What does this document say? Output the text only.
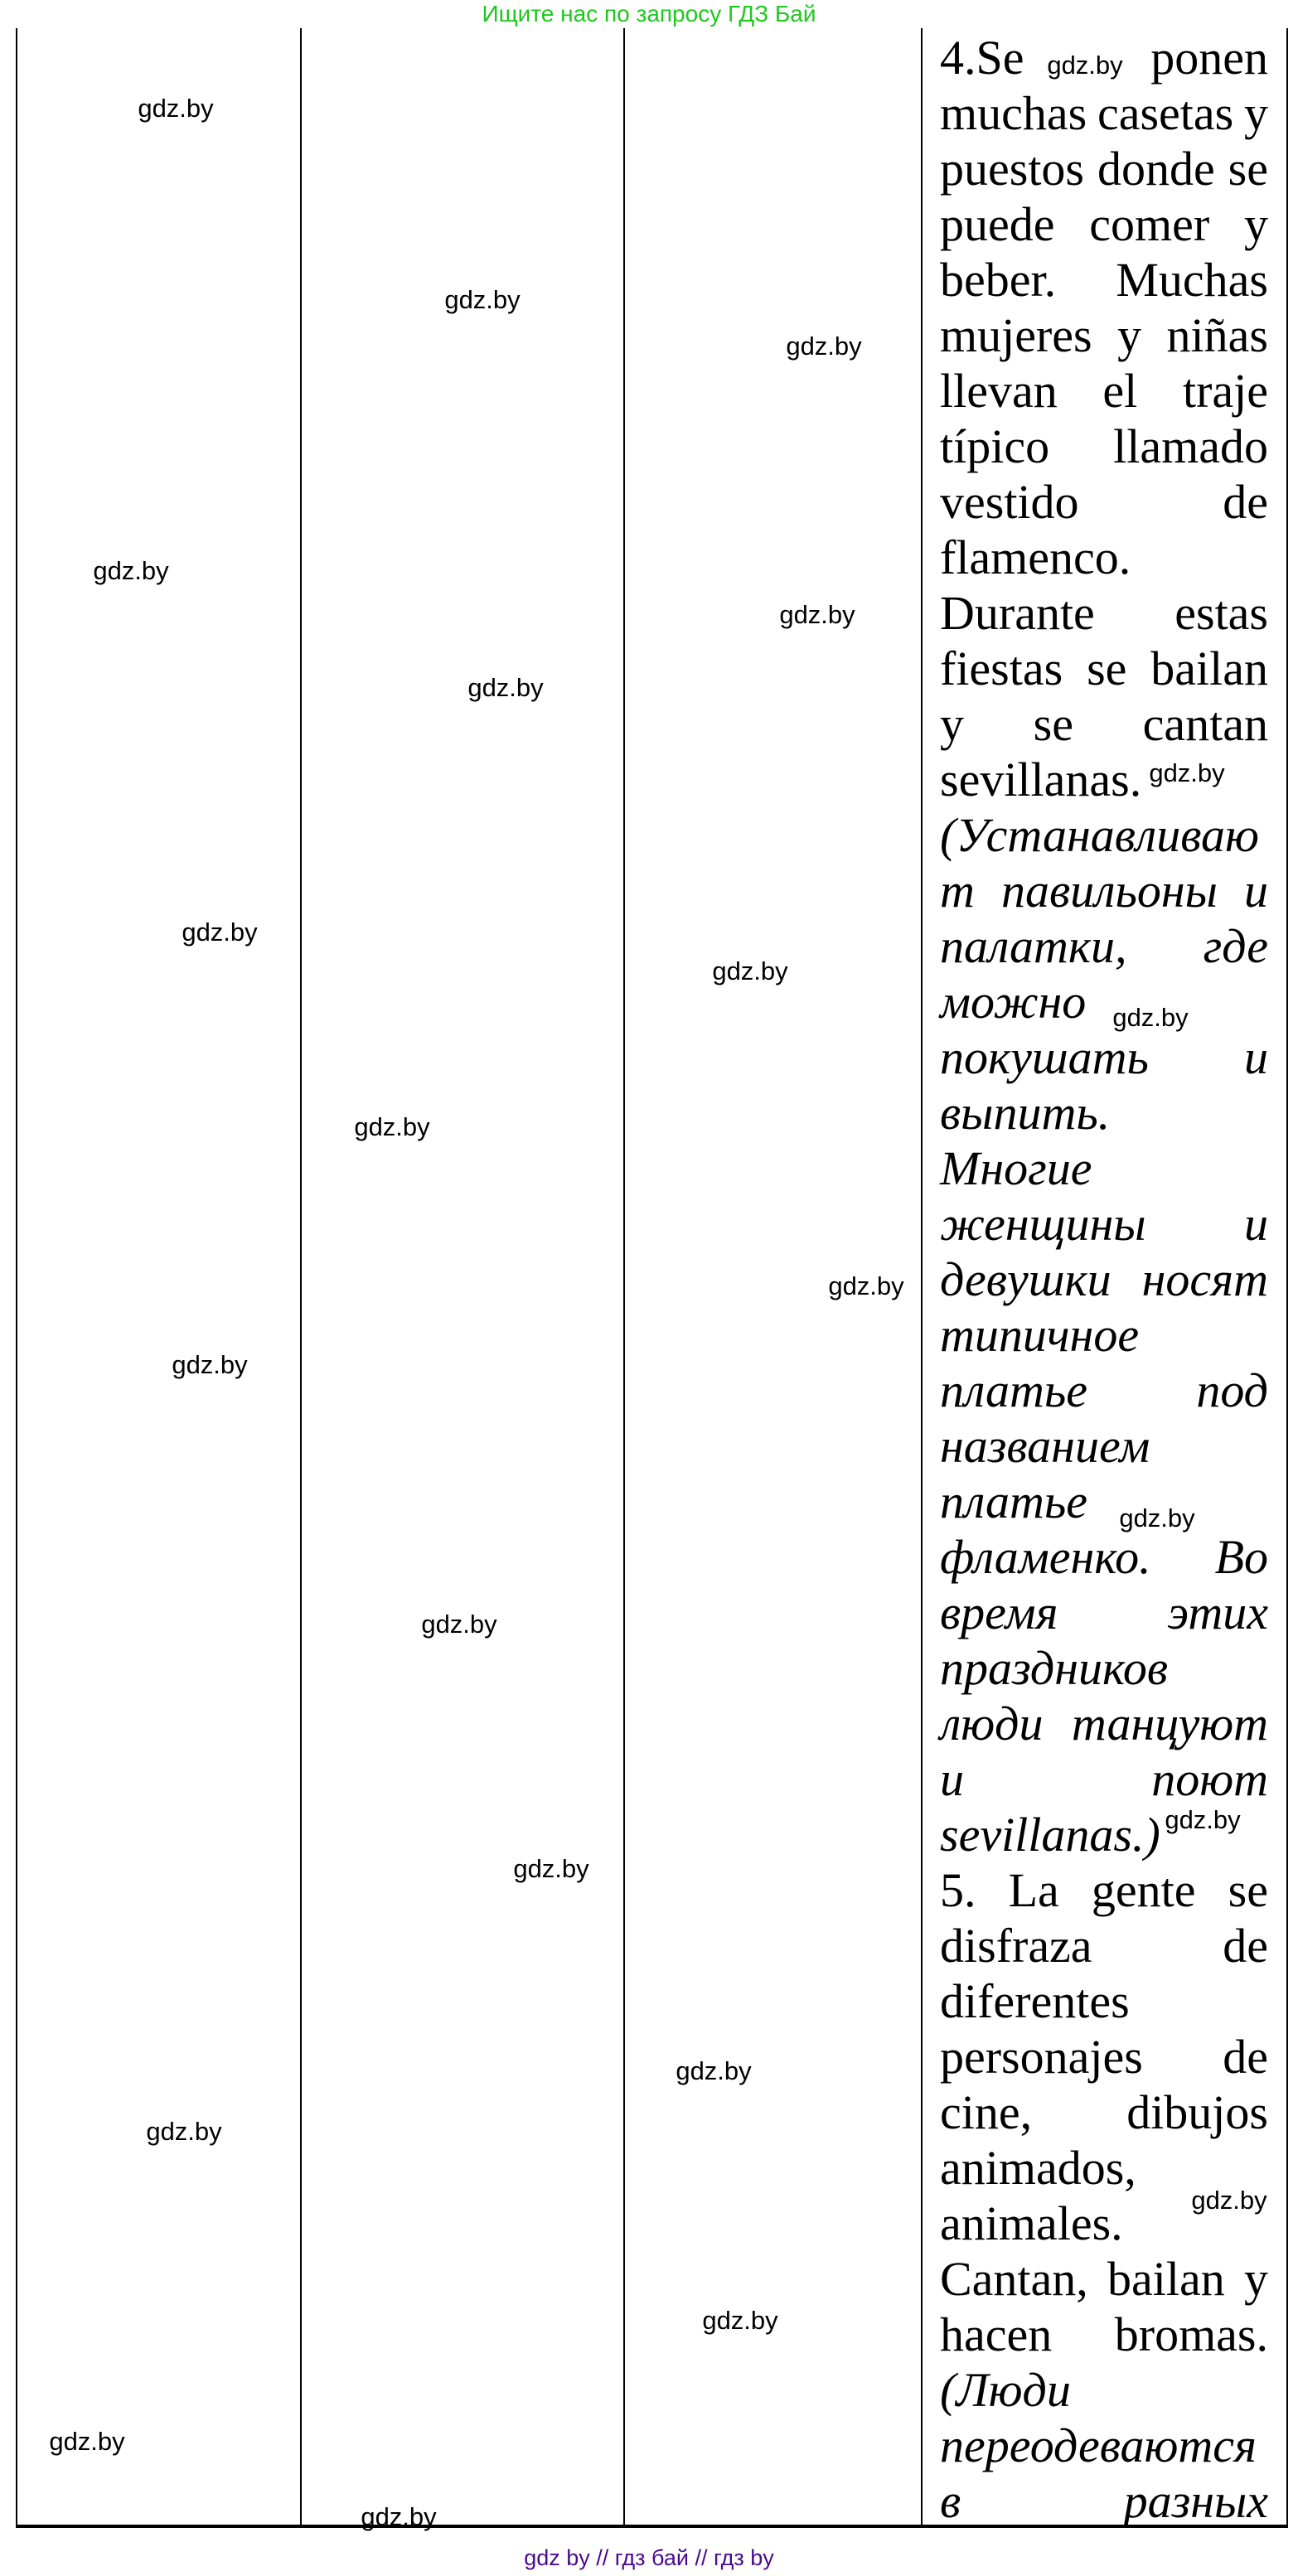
Ищите нас по запросу ГДЗ Бай
4.Se	ponen
muchas casetas y
puestos donde se
puede comer y
beber. Muchas
mujeres y niñas
llevan el traje
típico llamado
vestido	de
flamenco.
Durante estas
fiestas se bailan
y se cantan
sevillanas.
(Устанавливаю
т павильоны и
палатки, где
можно
покушать и
выпить.
Многие
женщины и
девушки носят
типичное
платье под
названием
платье
фламенко. Во
время этих
праздников
люди танцуют
и	поют
sevillanas.)
5. La gente se
disfraza	de
diferentes
personajes de
cine, dibujos
animados,
animales.
Cantan, bailan y
hacen bromas.
(Люди
переодеваются
в	разных
gdz.by
gdz.by
gdz.by
gdz.by
gdz.by
gdz.by
gdz.by
gdz.by
gdz.by
gdz.by
gdz.by
gdz.by
gdz.by
gdz.by
gdz.by
gdz.by
gdz.by
gdz.by
gdz.by
gdz.by
gdz.by
gdz.by
gdz.by
gdz.by
gdz by // гдз бай // гдз by
